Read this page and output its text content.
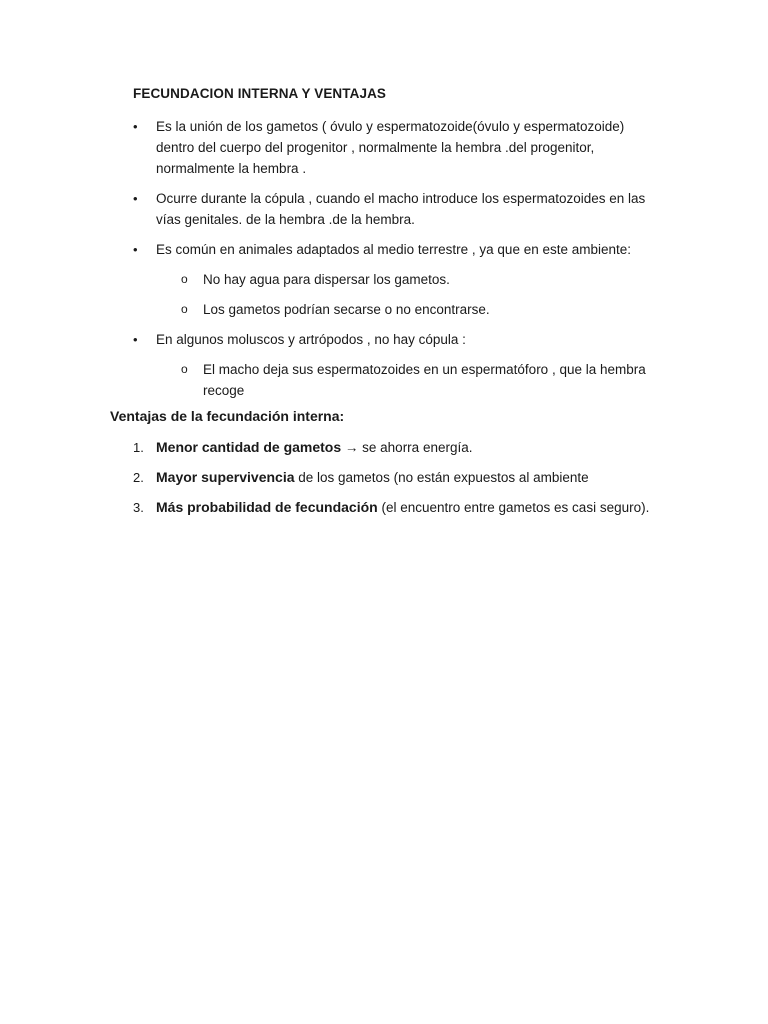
FECUNDACION INTERNA Y VENTAJAS
• Es la unión de los gametos ( óvulo y espermatozoide(óvulo y espermatozoide) dentro del cuerpo del progenitor , normalmente la hembra .del progenitor, normalmente la hembra .
• Ocurre durante la cópula , cuando el macho introduce los espermatozoides en las vías genitales. de la hembra .de la hembra.
• Es común en animales adaptados al medio terrestre , ya que en este ambiente:
o No hay agua para dispersar los gametos.
o Los gametos podrían secarse o no encontrarse.
• En algunos moluscos y artrópodos , no hay cópula :
o El macho deja sus espermatozoides en un espermatóforo , que la hembra recoge
Ventajas de la fecundación interna:
1. Menor cantidad de gametos → se ahorra energía.
2. Mayor supervivencia de los gametos (no están expuestos al ambiente
3. Más probabilidad de fecundación (el encuentro entre gametos es casi seguro).
